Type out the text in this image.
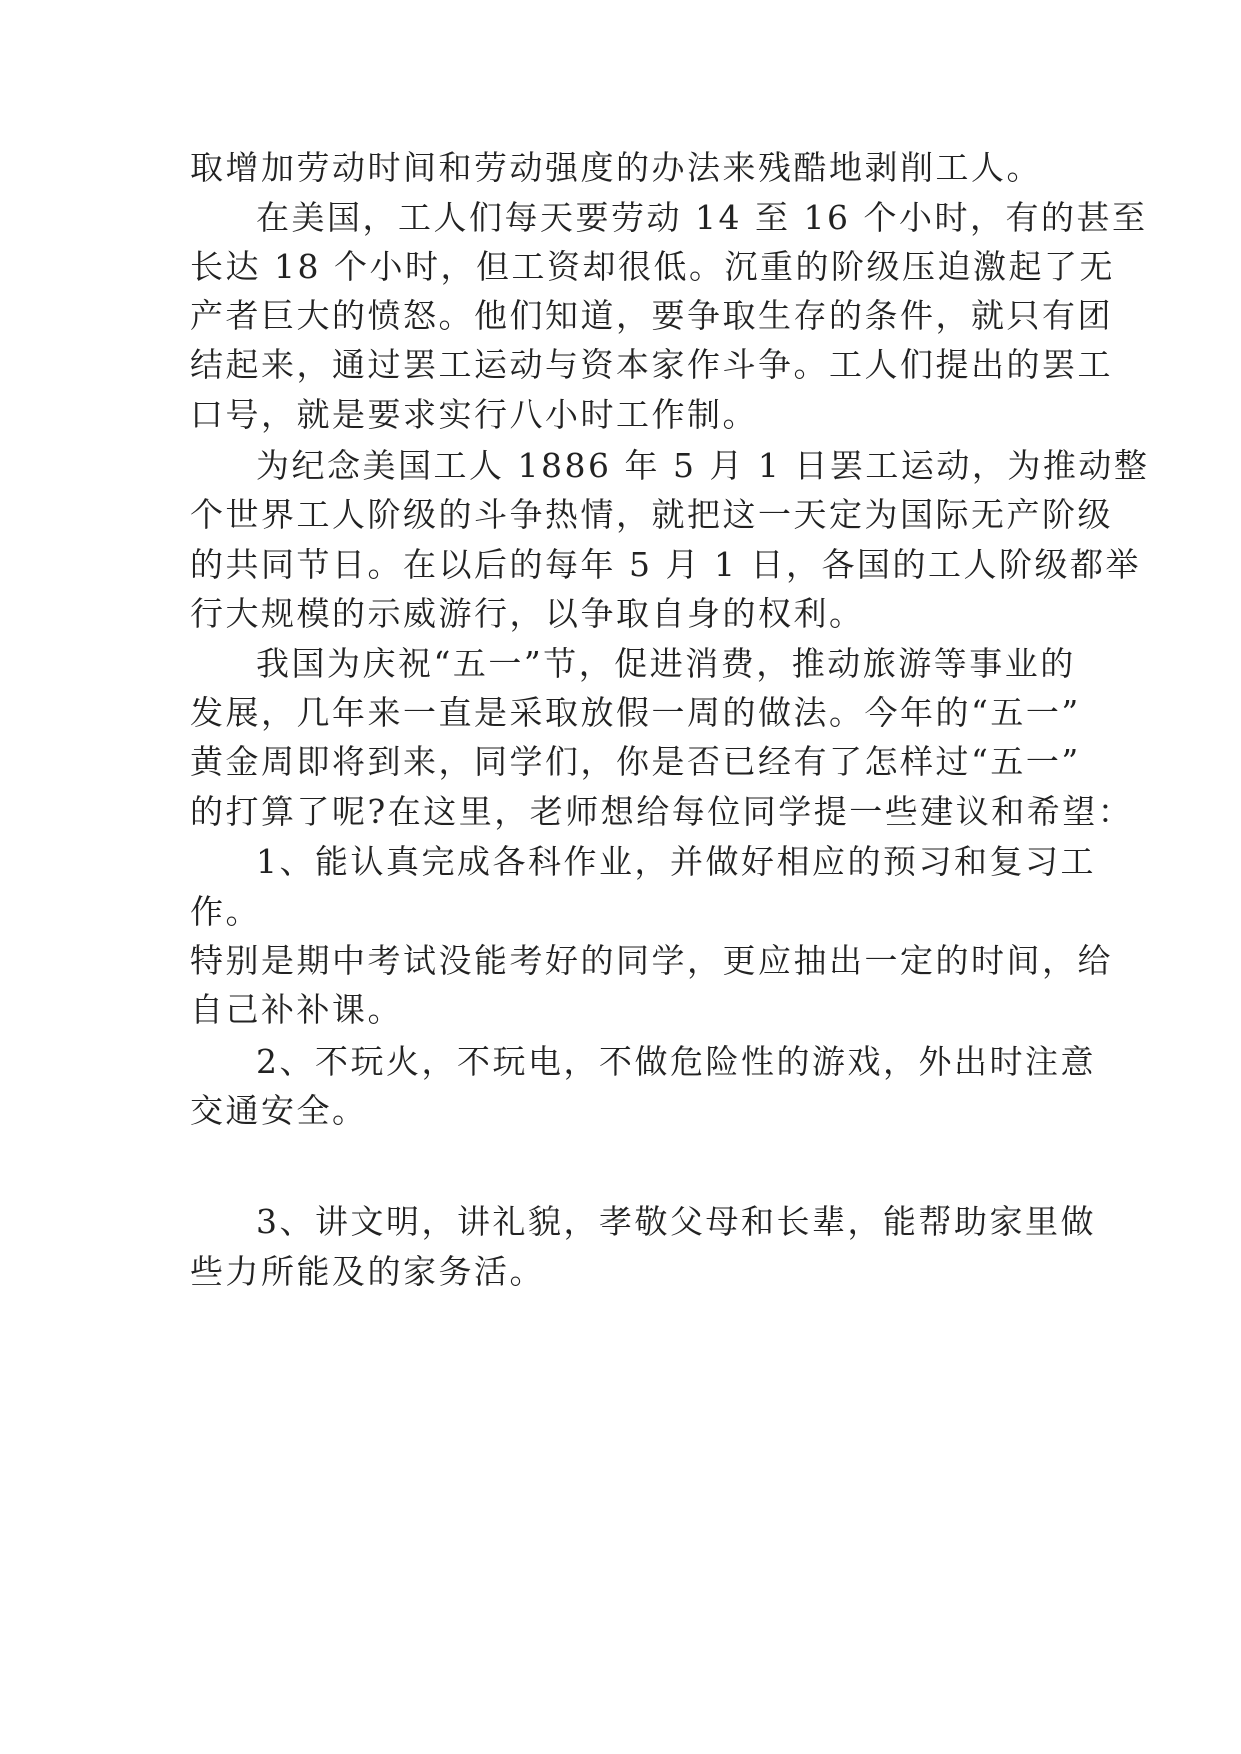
取增加劳动时间和劳动强度的办法来残酷地剥削工人。

在美国，工人们每天要劳动 14 至 16 个小时，有的甚至

长达 18 个小时，但工资却很低。沉重的阶级压迫激起了无

产者巨大的愤怒。他们知道，要争取生存的条件，就只有团

结起来，通过罢工运动与资本家作斗争。工人们提出的罢工

口号，就是要求实行八小时工作制。

为纪念美国工人 1886 年 5 月 1 日罢工运动，为推动整

个世界工人阶级的斗争热情，就把这一天定为国际无产阶级

的共同节日。在以后的每年 5 月 1 日，各国的工人阶级都举

行大规模的示威游行，以争取自身的权利。

我国为庆祝“五一”节，促进消费，推动旅游等事业的

发展，几年来一直是采取放假一周的做法。今年的“五一”

黄金周即将到来，同学们，你是否已经有了怎样过“五一”

的打算了呢?在这里，老师想给每位同学提一些建议和希望：

1、能认真完成各科作业，并做好相应的预习和复习工

作。

特别是期中考试没能考好的同学，更应抽出一定的时间，给

自己补补课。

2、不玩火，不玩电，不做危险性的游戏，外出时注意

交通安全。

3、讲文明，讲礼貌，孝敬父母和长辈，能帮助家里做

些力所能及的家务活。
